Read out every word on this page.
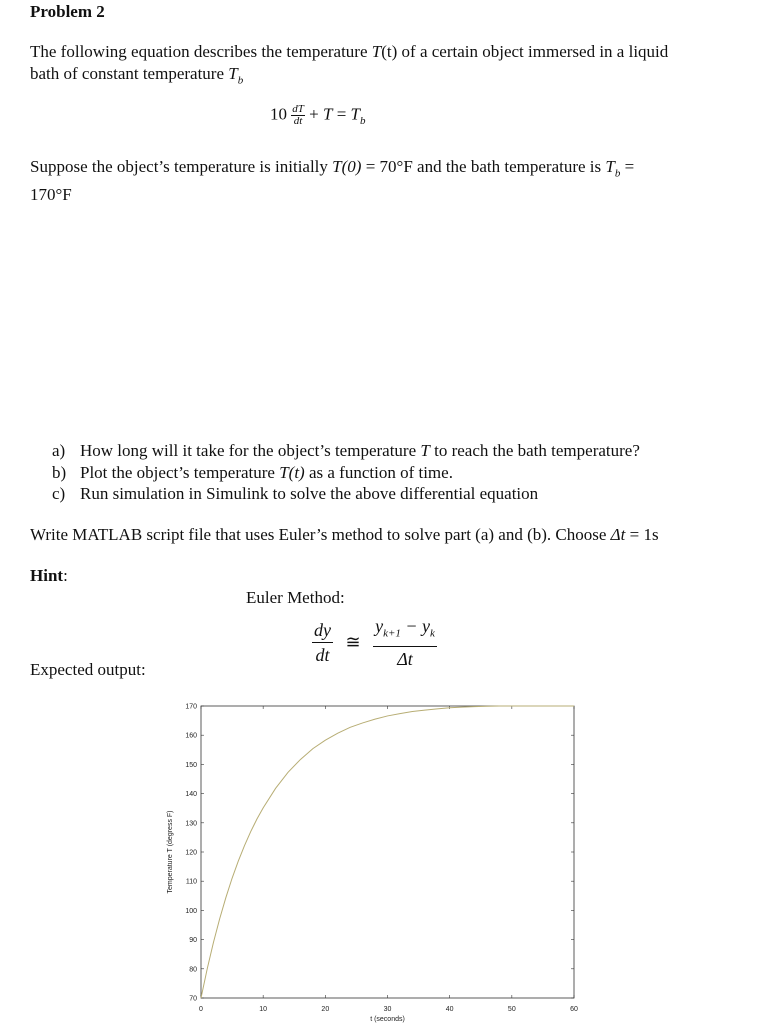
Problem 2
The following equation describes the temperature T(t) of a certain object immersed in a liquid
bath of constant temperature $T_b$
$10 \frac{dT}{dt} + T = T_b$
Suppose the object’s temperature is initially T(0) = 70°F and the bath temperature is $T_b$ =
170°F
a) How long will it take for the object’s temperature T to reach the bath temperature?
b) Plot the object’s temperature T(t) as a function of time.
c) Run simulation in Simulink to solve the above differential equation
Write MATLAB script file that uses Euler’s method to solve part (a) and (b). Choose Δt = 1s
Hint:
Euler Method:
$\frac{dy}{dt}$ ≅ $\frac{y_{k+1} - y_k}{\Delta t}$
Expected output:
0	10	20	30	40	50	60
70
80
90
100
110
120
130
140
150
160
170
t (seconds)
Temperature T (degress F)
